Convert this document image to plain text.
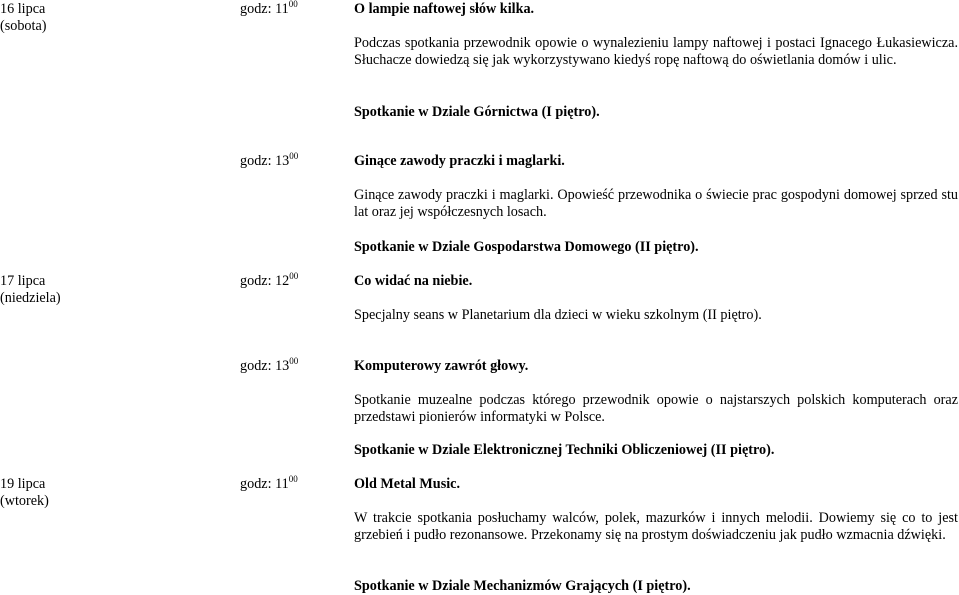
16 lipca
(sobota)
godz: $11^{00}$	O lampie naftowej słów kilka.
Podczas spotkania przewodnik opowie o wynalezieniu lampy naftowej i postaci Ignacego Łukasiewicza. Słuchacze dowiedzą się jak wykorzystywano kiedyś ropę naftową do oświetlania domów i ulic.
Spotkanie w Dziale Górnictwa (I piętro).
godz: $13^{00}$	Ginące zawody praczki i maglarki.
Ginące zawody praczki i maglarki. Opowieść przewodnika o świecie prac gospodyni domowej sprzed stu lat oraz jej współczesnych losach.
Spotkanie w Dziale Gospodarstwa Domowego (II piętro).
17 lipca
(niedziela)
godz: $12^{00}$	Co widać na niebie.
Specjalny seans w Planetarium dla dzieci w wieku szkolnym (II piętro).
godz: $13^{00}$	Komputerowy zawrót głowy.
Spotkanie muzealne podczas którego przewodnik opowie o najstarszych polskich komputerach oraz przedstawi pionierów informatyki w Polsce.
Spotkanie w Dziale Elektronicznej Techniki Obliczeniowej (II piętro).
19 lipca
(wtorek)
godz: $11^{00}$	Old Metal Music.
W trakcie spotkania posłuchamy walców, polek, mazurków i innych melodii. Dowiemy się co to jest grzebień i pudło rezonansowe. Przekonamy się na prostym doświadczeniu jak pudło wzmacnia dźwięki.
Spotkanie w Dziale Mechanizmów Grających (I piętro).
